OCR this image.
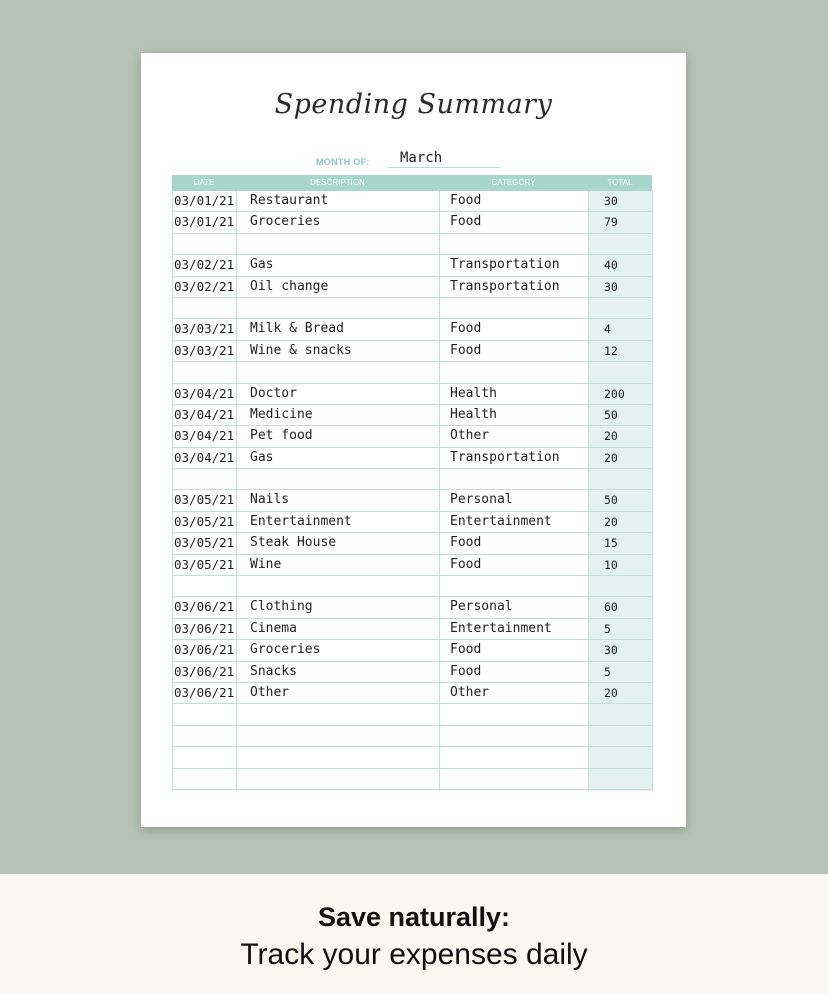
Spending Summary
MONTH OF: March
DATE	DESCRIPTION	CATEGORY	TOTAL
03/01/21 Restaurant	Food	30
03/01/21 Groceries	Food	79
03/02/21 Gas	Transportation	40
03/02/21 Oil change	Transportation	30
03/03/21 Milk & Bread	Food	4
03/03/21 Wine & snacks	Food	12
03/04/21 Doctor	Health	200
03/04/21 Medicine	Health	50
03/04/21 Pet food	Other	20
03/04/21 Gas	Transportation	20
03/05/21 Nails	Personal	50
03/05/21 Entertainment	Entertainment	20
03/05/21 Steak House	Food	15
03/05/21 Wine	Food	10
03/06/21 Clothing	Personal	60
03/06/21 Cinema	Entertainment	5
03/06/21 Groceries	Food	30
03/06/21 Snacks	Food	5
03/06/21 Other	Other	20
Save naturally:
Track your expenses daily
